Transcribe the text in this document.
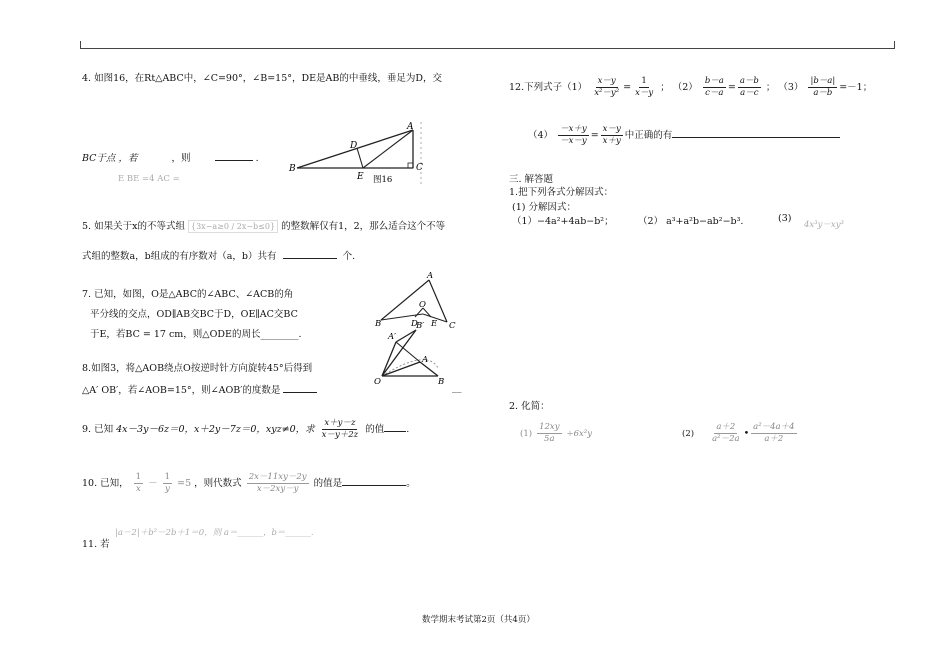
4. 如图16，在Rt△ABC中，∠C=90°，∠B=15°，DE是AB的中垂线，垂足为D，交
BC于点 ，若	，则	.
E BE =4 AC =
A
B	C
D
E 图16
5. 如果关于x的不等式组 {3x−a≥0 / 2x−b≤0} 的整数解仅有1，2，那么适合这个不等
式组的整数a，b组成的有序数对（a，b）共有	个.
7. 已知，如图，O是△ABC的∠ABC、∠ACB的角
平分线的交点，OD∥AB交BC于D，OE∥AC交BC
于E，若BC = 17 cm，则△ODE的周长________.
A
O
B	D E C
8.如图3，将△AOB绕点O按逆时针方向旋转45°后得到
△A′ OB′，若∠AOB=15°，则∠AOB′的度数是	__
A′
B′
A
O	B
9. 已知 4x－3y－6z＝0，x＋2y－7z＝0，xyz≠0，求 $\frac{x+y-z}{x-y+2z}$ 的值 .
10. 已知， $\frac{1}{x} - \frac{1}{y} =5$ ，则代数式 $\frac{2x-11xy-2y}{x-2xy-y}$ 的值是	。
|a－2|＋b²－2b＋1＝0，则 a＝______，b＝______.
11. 若
12.下列式子$(1) \frac{x-y}{\text{x²－y²}} = \frac{1}{x-y}$ ； $(2) \frac{b-a}{c-a} = \frac{a-b}{a-c}$ ； $(3) \frac{|b-a|}{a-b} =-1$；
$(4) \frac{-x+y}{-x-y} = \frac{x-y}{x+y}$ 中正确的有
三. 解答题
1.把下列各式分解因式：
(1) 分解因式：
（1）−4a²+4ab−b²；	（2） a³+a²b−ab²−b³.	(3)
4x³y－xy³
2. 化简：
$(1) \frac{12xy}{5a} \div 6x^2y$	$(2) \frac{a+2}{\text{a²－2a}}$ • $\frac{\text{a²－4a＋4}}{a+2}$
数学期末考试第2页（共4页）
